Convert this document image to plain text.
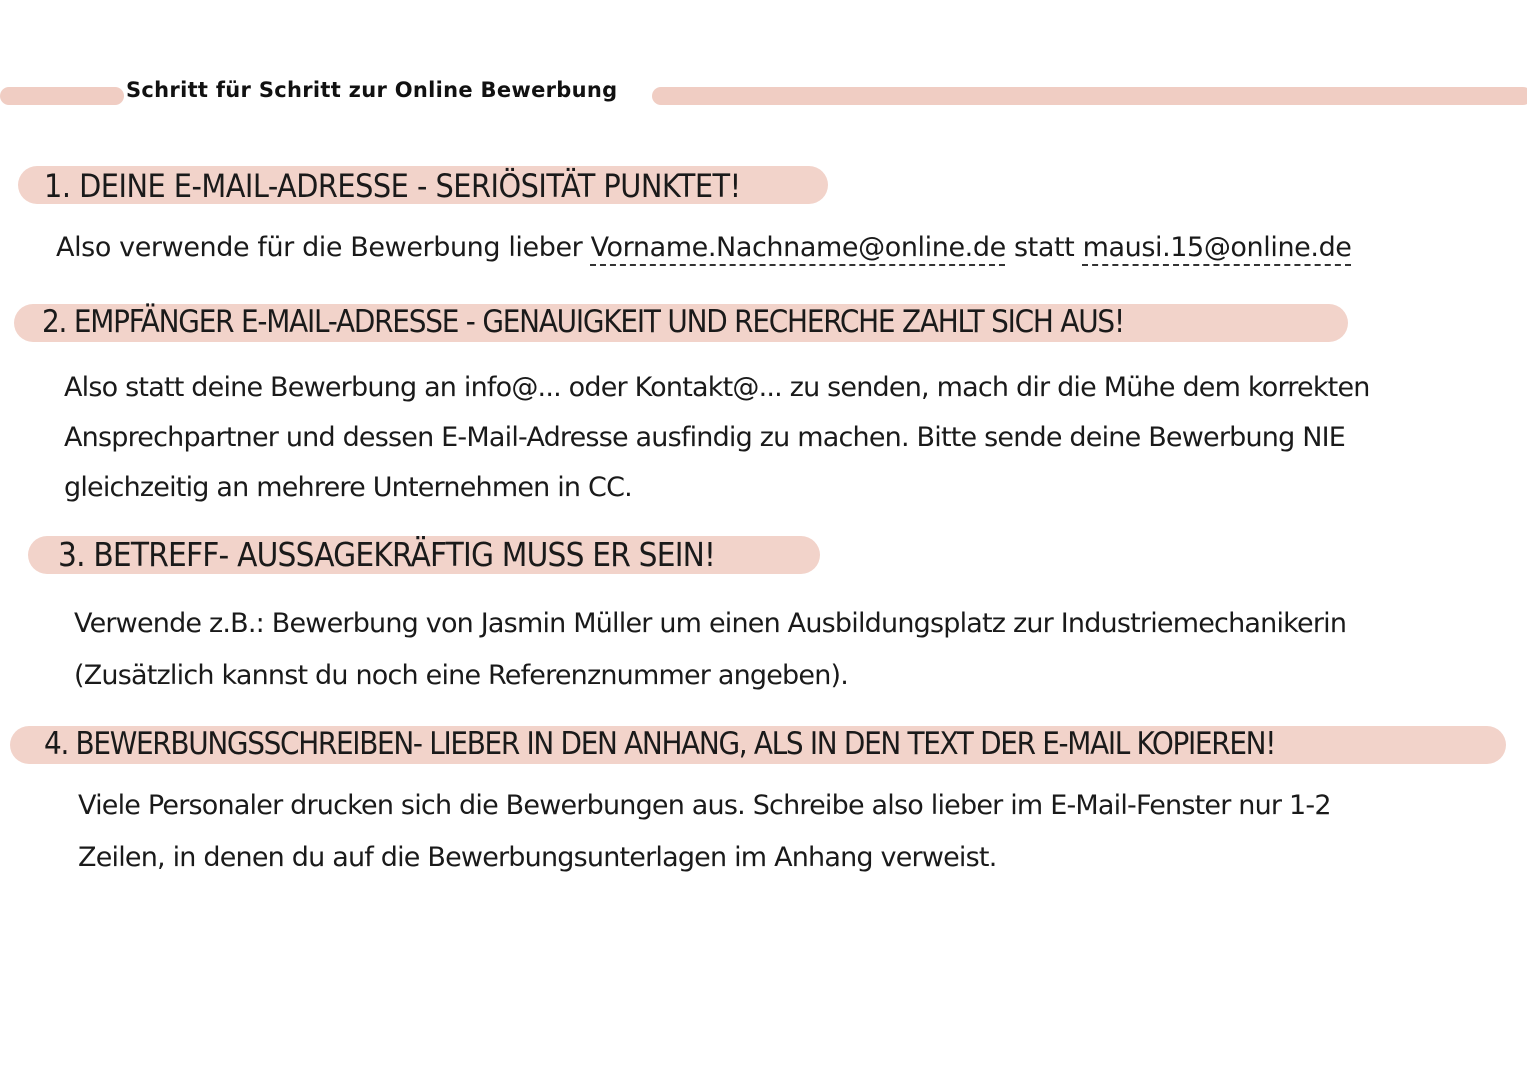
Schritt für Schritt zur Online Bewerbung
1. DEINE E-MAIL-ADRESSE - SERIÖSITÄT PUNKTET!
Also verwende für die Bewerbung lieber Vorname.Nachname@online.de statt mausi.15@online.de
2. EMPFÄNGER E-MAIL-ADRESSE - GENAUIGKEIT UND RECHERCHE ZAHLT SICH AUS!
Also statt deine Bewerbung an info@... oder Kontakt@... zu senden, mach dir die Mühe dem korrekten
Ansprechpartner und dessen E-Mail-Adresse ausfindig zu machen. Bitte sende deine Bewerbung NIE
gleichzeitig an mehrere Unternehmen in CC.
3. BETREFF- AUSSAGEKRÄFTIG MUSS ER SEIN!
Verwende z.B.: Bewerbung von Jasmin Müller um einen Ausbildungsplatz zur Industriemechanikerin
(Zusätzlich kannst du noch eine Referenznummer angeben).
4. BEWERBUNGSSCHREIBEN- LIEBER IN DEN ANHANG, ALS IN DEN TEXT DER E-MAIL KOPIEREN!
Viele Personaler drucken sich die Bewerbungen aus. Schreibe also lieber im E-Mail-Fenster nur 1-2
Zeilen, in denen du auf die Bewerbungsunterlagen im Anhang verweist.
